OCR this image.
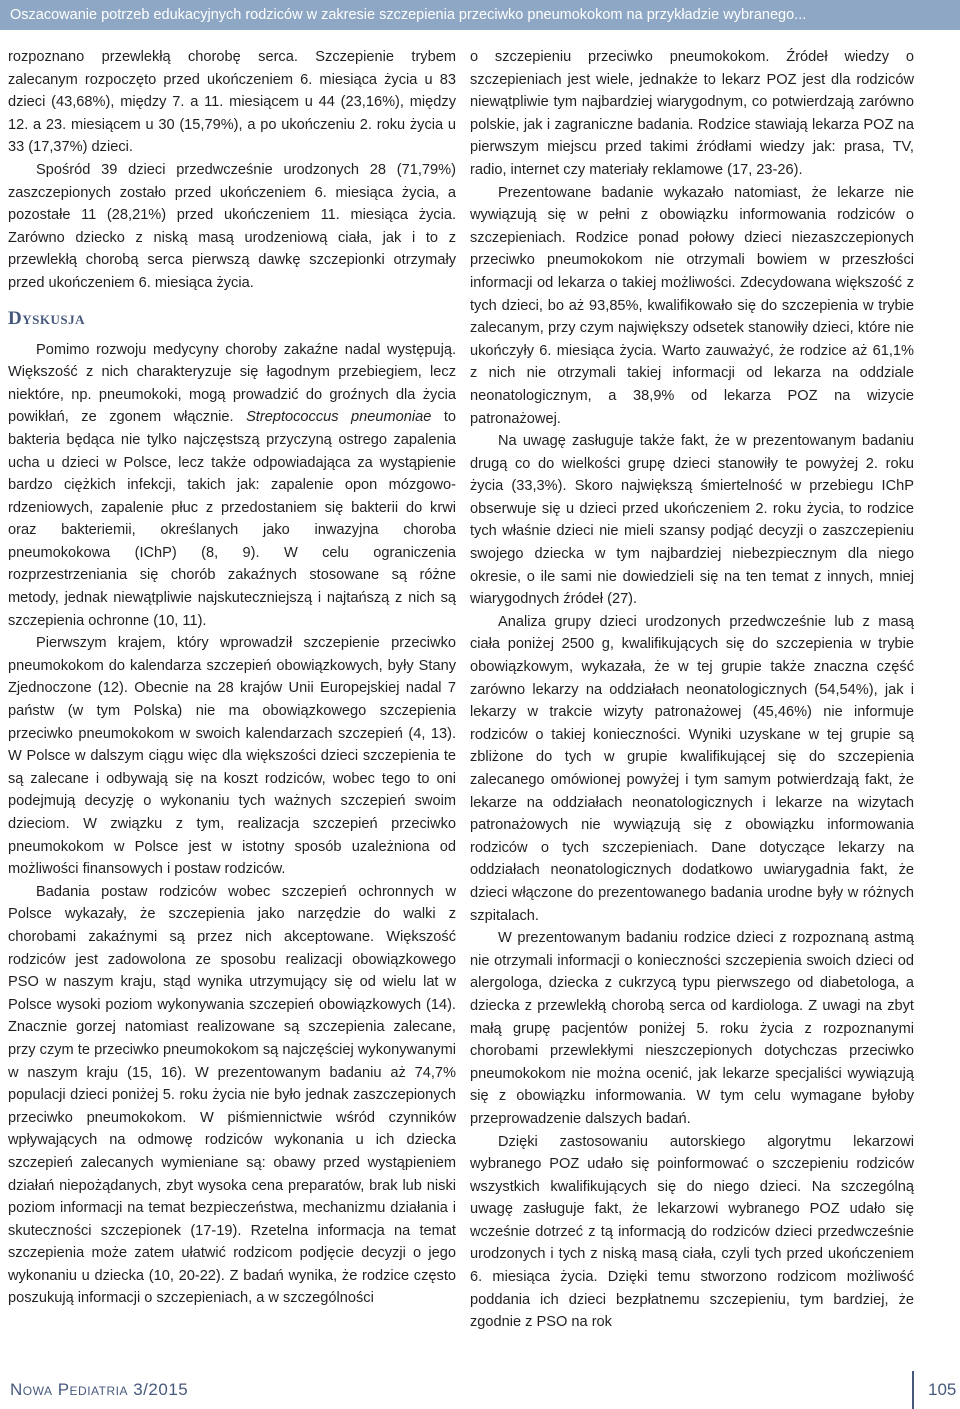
Oszacowanie potrzeb edukacyjnych rodziców w zakresie szczepienia przeciwko pneumokokom na przykładzie wybranego...

rozpoznano przewlekłą chorobę serca. Szczepienie trybem zalecanym rozpoczęto przed ukończeniem 6. miesiąca życia u 83 dzieci (43,68%), między 7. a 11. miesiącem u 44 (23,16%), między 12. a 23. miesiącem u 30 (15,79%), a po ukończeniu 2. roku życia u 33 (17,37%) dzieci.

Spośród 39 dzieci przedwcześnie urodzonych 28 (71,79%) zaszczepionych zostało przed ukończeniem 6. miesiąca życia, a pozostałe 11 (28,21%) przed ukończeniem 11. miesiąca życia. Zarówno dziecko z niską masą urodzeniową ciała, jak i to z przewlekłą chorobą serca pierwszą dawkę szczepionki otrzymały przed ukończeniem 6. miesiąca życia.

Dyskusja

Pomimo rozwoju medycyny choroby zakaźne nadal występują. Większość z nich charakteryzuje się łagodnym przebiegiem, lecz niektóre, np. pneumokoki, mogą prowadzić do groźnych dla życia powikłań, ze zgonem włącznie. Streptococcus pneumoniae to bakteria będąca nie tylko najczęstszą przyczyną ostrego zapalenia ucha u dzieci w Polsce, lecz także odpowiadająca za wystąpienie bardzo ciężkich infekcji, takich jak: zapalenie opon mózgowo-rdzeniowych, zapalenie płuc z przedostaniem się bakterii do krwi oraz bakteriemii, określanych jako inwazyjna choroba pneumokokowa (IChP) (8, 9). W celu ograniczenia rozprzestrzeniania się chorób zakaźnych stosowane są różne metody, jednak niewątpliwie najskuteczniejszą i najtańszą z nich są szczepienia ochronne (10, 11).

Pierwszym krajem, który wprowadził szczepienie przeciwko pneumokokom do kalendarza szczepień obowiązkowych, były Stany Zjednoczone (12). Obecnie na 28 krajów Unii Europejskiej nadal 7 państw (w tym Polska) nie ma obowiązkowego szczepienia przeciwko pneumokokom w swoich kalendarzach szczepień (4, 13). W Polsce w dalszym ciągu więc dla większości dzieci szczepienia te są zalecane i odbywają się na koszt rodziców, wobec tego to oni podejmują decyzję o wykonaniu tych ważnych szczepień swoim dzieciom. W związku z tym, realizacja szczepień przeciwko pneumokokom w Polsce jest w istotny sposób uzależniona od możliwości finansowych i postaw rodziców.

Badania postaw rodziców wobec szczepień ochronnych w Polsce wykazały, że szczepienia jako narzędzie do walki z chorobami zakaźnymi są przez nich akceptowane. Większość rodziców jest zadowolona ze sposobu realizacji obowiązkowego PSO w naszym kraju, stąd wynika utrzymujący się od wielu lat w Polsce wysoki poziom wykonywania szczepień obowiązkowych (14). Znacznie gorzej natomiast realizowane są szczepienia zalecane, przy czym te przeciwko pneumokokom są najczęściej wykonywanymi w naszym kraju (15, 16). W prezentowanym badaniu aż 74,7% populacji dzieci poniżej 5. roku życia nie było jednak zaszczepionych przeciwko pneumokokom. W piśmiennictwie wśród czynników wpływających na odmowę rodziców wykonania u ich dziecka szczepień zalecanych wymieniane są: obawy przed wystąpieniem działań niepożądanych, zbyt wysoka cena preparatów, brak lub niski poziom informacji na temat bezpieczeństwa, mechanizmu działania i skuteczności szczepionek (17-19). Rzetelna informacja na temat szczepienia może zatem ułatwić rodzicom podjęcie decyzji o jego wykonaniu u dziecka (10, 20-22). Z badań wynika, że rodzice często poszukują informacji o szczepieniach, a w szczególności

o szczepieniu przeciwko pneumokokom. Źródeł wiedzy o szczepieniach jest wiele, jednakże to lekarz POZ jest dla rodziców niewątpliwie tym najbardziej wiarygodnym, co potwierdzają zarówno polskie, jak i zagraniczne badania. Rodzice stawiają lekarza POZ na pierwszym miejscu przed takimi źródłami wiedzy jak: prasa, TV, radio, internet czy materiały reklamowe (17, 23-26).

Prezentowane badanie wykazało natomiast, że lekarze nie wywiązują się w pełni z obowiązku informowania rodziców o szczepieniach. Rodzice ponad połowy dzieci niezaszczepionych przeciwko pneumokokom nie otrzymali bowiem w przeszłości informacji od lekarza o takiej możliwości. Zdecydowana większość z tych dzieci, bo aż 93,85%, kwalifikowało się do szczepienia w trybie zalecanym, przy czym największy odsetek stanowiły dzieci, które nie ukończyły 6. miesiąca życia. Warto zauważyć, że rodzice aż 61,1% z nich nie otrzymali takiej informacji od lekarza na oddziale neonatologicznym, a 38,9% od lekarza POZ na wizycie patronażowej.

Na uwagę zasługuje także fakt, że w prezentowanym badaniu drugą co do wielkości grupę dzieci stanowiły te powyżej 2. roku życia (33,3%). Skoro największą śmiertelność w przebiegu IChP obserwuje się u dzieci przed ukończeniem 2. roku życia, to rodzice tych właśnie dzieci nie mieli szansy podjąć decyzji o zaszczepieniu swojego dziecka w tym najbardziej niebezpiecznym dla niego okresie, o ile sami nie dowiedzieli się na ten temat z innych, mniej wiarygodnych źródeł (27).

Analiza grupy dzieci urodzonych przedwcześnie lub z masą ciała poniżej 2500 g, kwalifikujących się do szczepienia w trybie obowiązkowym, wykazała, że w tej grupie także znaczna część zarówno lekarzy na oddziałach neonatologicznych (54,54%), jak i lekarzy w trakcie wizyty patronażowej (45,46%) nie informuje rodziców o takiej konieczności. Wyniki uzyskane w tej grupie są zbliżone do tych w grupie kwalifikującej się do szczepienia zalecanego omówionej powyżej i tym samym potwierdzają fakt, że lekarze na oddziałach neonatologicznych i lekarze na wizytach patronażowych nie wywiązują się z obowiązku informowania rodziców o tych szczepieniach. Dane dotyczące lekarzy na oddziałach neonatologicznych dodatkowo uwiarygadnia fakt, że dzieci włączone do prezentowanego badania urodne były w różnych szpitalach.

W prezentowanym badaniu rodzice dzieci z rozpoznaną astmą nie otrzymali informacji o konieczności szczepienia swoich dzieci od alergologa, dziecka z cukrzycą typu pierwszego od diabetologa, a dziecka z przewlekłą chorobą serca od kardiologa. Z uwagi na zbyt małą grupę pacjentów poniżej 5. roku życia z rozpoznanymi chorobami przewlekłymi nieszczepionych dotychczas przeciwko pneumokokom nie można ocenić, jak lekarze specjaliści wywiązują się z obowiązku informowania. W tym celu wymagane byłoby przeprowadzenie dalszych badań.

Dzięki zastosowaniu autorskiego algorytmu lekarzowi wybranego POZ udało się poinformować o szczepieniu rodziców wszystkich kwalifikujących się do niego dzieci. Na szczególną uwagę zasługuje fakt, że lekarzowi wybranego POZ udało się wcześnie dotrzeć z tą informacją do rodziców dzieci przedwcześnie urodzonych i tych z niską masą ciała, czyli tych przed ukończeniem 6. miesiąca życia. Dzięki temu stworzono rodzicom możliwość poddania ich dzieci bezpłatnemu szczepieniu, tym bardziej, że zgodnie z PSO na rok

Nowa Pediatria 3/2015	105
